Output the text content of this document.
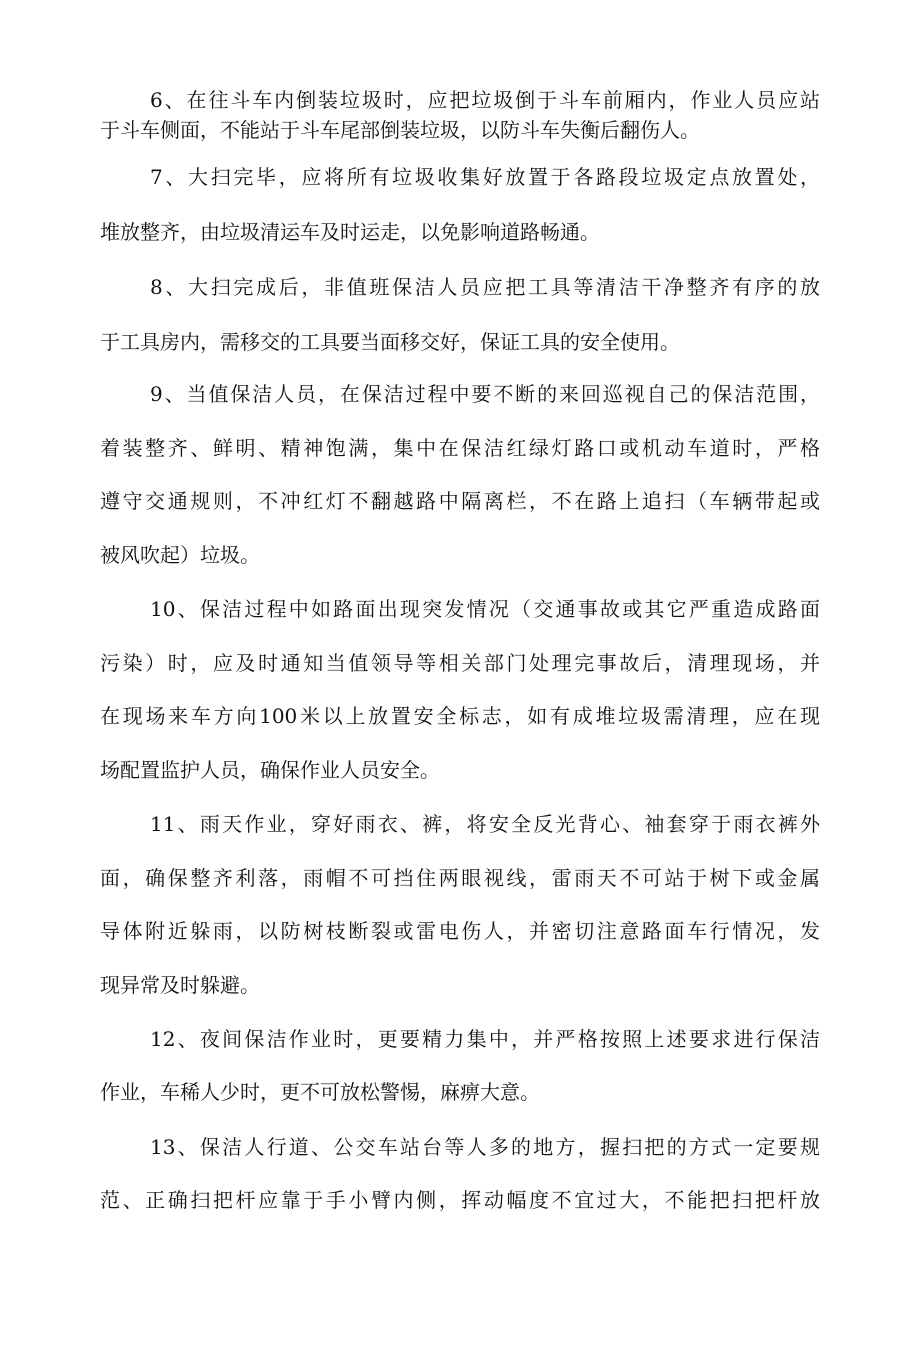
6、在往斗车内倒装垃圾时，应把垃圾倒于斗车前厢内，作业人员应站
于斗车侧面，不能站于斗车尾部倒装垃圾，以防斗车失衡后翻伤人。
7、大扫完毕，应将所有垃圾收集好放置于各路段垃圾定点放置处，
堆放整齐，由垃圾清运车及时运走，以免影响道路畅通。
8、大扫完成后，非值班保洁人员应把工具等清洁干净整齐有序的放
于工具房内，需移交的工具要当面移交好，保证工具的安全使用。
9、当值保洁人员，在保洁过程中要不断的来回巡视自己的保洁范围，
着装整齐、鲜明、精神饱满，集中在保洁红绿灯路口或机动车道时，严格
遵守交通规则，不冲红灯不翻越路中隔离栏，不在路上追扫（车辆带起或
被风吹起）垃圾。
10、保洁过程中如路面出现突发情况（交通事故或其它严重造成路面
污染）时，应及时通知当值领导等相关部门处理完事故后，清理现场，并
在现场来车方向100米以上放置安全标志，如有成堆垃圾需清理，应在现
场配置监护人员，确保作业人员安全。
11、雨天作业，穿好雨衣、裤，将安全反光背心、袖套穿于雨衣裤外
面，确保整齐利落，雨帽不可挡住两眼视线，雷雨天不可站于树下或金属
导体附近躲雨，以防树枝断裂或雷电伤人，并密切注意路面车行情况，发
现异常及时躲避。
12、夜间保洁作业时，更要精力集中，并严格按照上述要求进行保洁
作业，车稀人少时，更不可放松警惕，麻痹大意。
13、保洁人行道、公交车站台等人多的地方，握扫把的方式一定要规
范、正确扫把杆应靠于手小臂内侧，挥动幅度不宜过大，不能把扫把杆放
